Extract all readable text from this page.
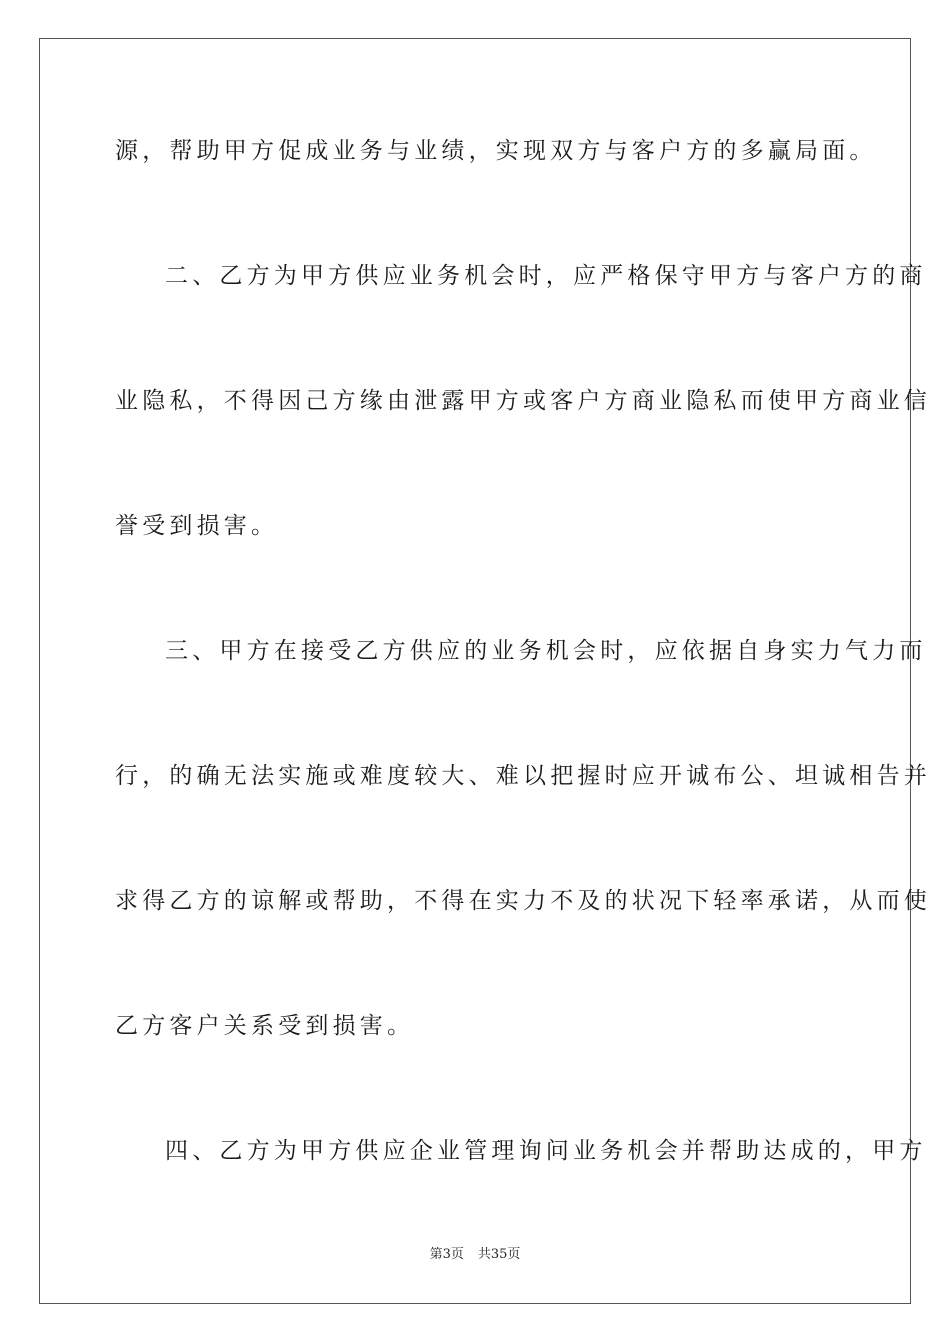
源，帮助甲方促成业务与业绩，实现双方与客户方的多赢局面。
二、乙方为甲方供应业务机会时，应严格保守甲方与客户方的商
业隐私，不得因己方缘由泄露甲方或客户方商业隐私而使甲方商业信
誉受到损害。
三、甲方在接受乙方供应的业务机会时，应依据自身实力气力而
行，的确无法实施或难度较大、难以把握时应开诚布公、坦诚相告并
求得乙方的谅解或帮助，不得在实力不及的状况下轻率承诺，从而使
乙方客户关系受到损害。
四、乙方为甲方供应企业管理询问业务机会并帮助达成的，甲方
第3页 共35页
